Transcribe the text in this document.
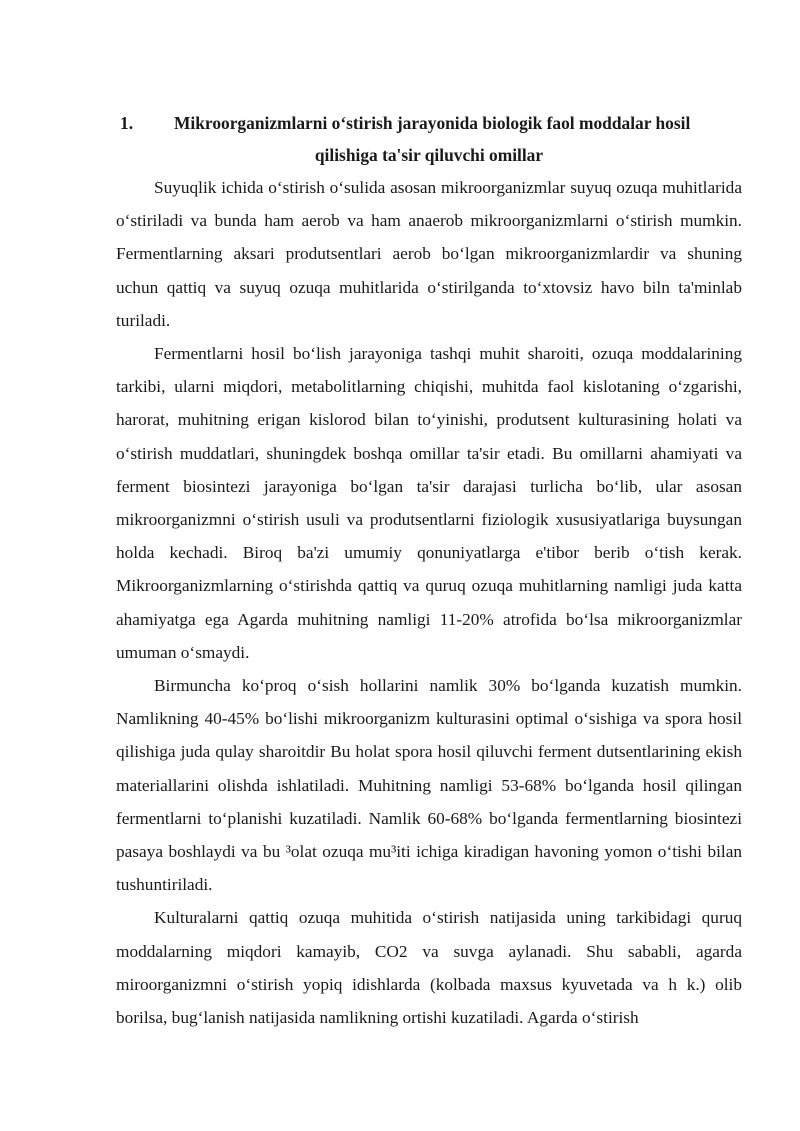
1. Mikroorganizmlarni o‘stirish jarayonida biologik faol moddalar hosil
qilishiga ta'sir qiluvchi omillar

Suyuqlik ichida o‘stirish o‘sulida asosan mikroorganizmlar suyuq ozuqa muhitlarida o‘stiriladi va bunda ham aerob va ham anaerob mikroorganizmlarni o‘stirish mumkin. Fermentlarning aksari produtsentlari aerob bo‘lgan mikroorganizmlardir va shuning uchun qattiq va suyuq ozuqa muhitlarida o‘stirilganda to‘xtovsiz havo biln ta'minlab turiladi.

Fermentlarni hosil bo‘lish jarayoniga tashqi muhit sharoiti, ozuqa moddalarining tarkibi, ularni miqdori, metabolitlarning chiqishi, muhitda faol kislotaning o‘zgarishi, harorat, muhitning erigan kislorod bilan to‘yinishi, produtsent kulturasining holati va o‘stirish muddatlari, shuningdek boshqa omillar ta'sir etadi. Bu omillarni ahamiyati va ferment biosintezi jarayoniga bo‘lgan ta'sir darajasi turlicha bo‘lib, ular asosan mikroorganizmni o‘stirish usuli va produtsentlarni fiziologik xususiyatlariga buysungan holda kechadi. Biroq ba'zi umumiy qonuniyatlarga e'tibor berib o‘tish kerak. Mikroorganizmlarning o‘stirishda qattiq va quruq ozuqa muhitlarning namligi juda katta ahamiyatga ega Agarda muhitning namligi 11-20% atrofida bo‘lsa mikroorganizmlar umuman o‘smaydi.

Birmuncha ko‘proq o‘sish hollarini namlik 30% bo‘lganda kuzatish mumkin. Namlikning 40-45% bo‘lishi mikroorganizm kulturasini optimal o‘sishiga va spora hosil qilishiga juda qulay sharoitdir Bu holat spora hosil qiluvchi ferment dutsentlarining ekish materiallarini olishda ishlatiladi. Muhitning namligi 53-68% bo‘lganda hosil qilingan fermentlarni to‘planishi kuzatiladi. Namlik 60-68% bo‘lganda fermentlarning biosintezi pasaya boshlaydi va bu ³olat ozuqa mu³iti ichiga kiradigan havoning yomon o‘tishi bilan tushuntiriladi.

Kulturalarni qattiq ozuqa muhitida o‘stirish natijasida uning tarkibidagi quruq moddalarning miqdori kamayib, CO2 va suvga aylanadi. Shu sababli, agarda miroorganizmni o‘stirish yopiq idishlarda (kolbada maxsus kyuvetada va h k.) olib borilsa, bug‘lanish natijasida namlikning ortishi kuzatiladi. Agarda o‘stirish
